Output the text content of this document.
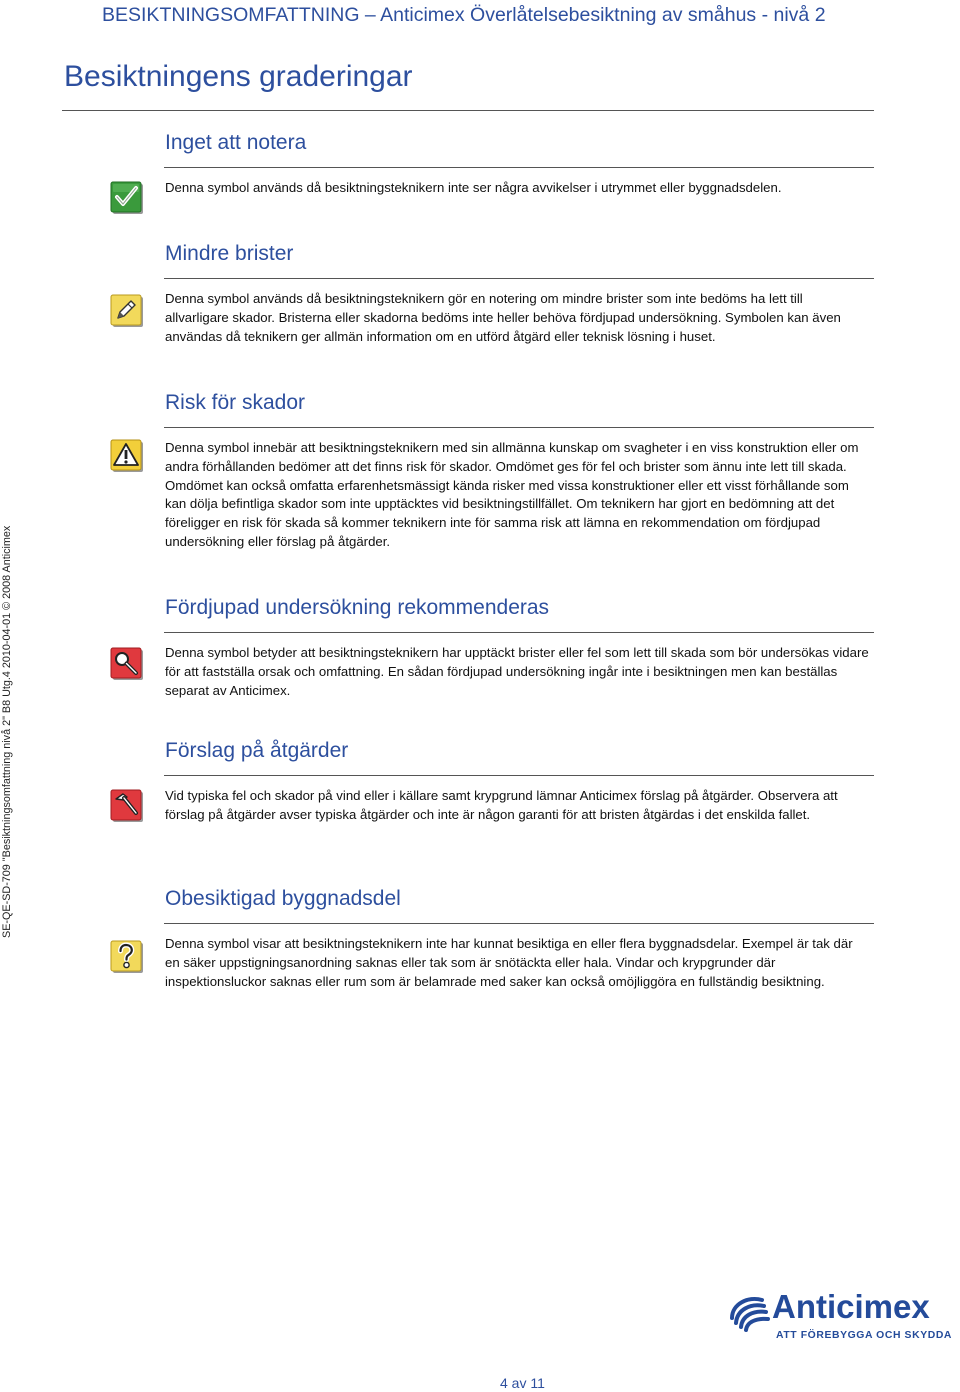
BESIKTNINGSOMFATTNING – Anticimex Överlåtelsebesiktning av småhus - nivå 2
Besiktningens graderingar
Inget att notera

Denna symbol används då besiktningsteknikern inte ser några avvikelser i utrymmet eller byggnadsdelen.

Mindre brister

Denna symbol används då besiktningsteknikern gör en notering om mindre brister som inte bedöms ha lett till allvarligare skador. Bristerna eller skadorna bedöms inte heller behöva fördjupad undersökning. Symbolen kan även användas då teknikern ger allmän information om en utförd åtgärd eller teknisk lösning i huset.

Risk för skador

Denna symbol innebär att besiktningsteknikern med sin allmänna kunskap om svagheter i en viss konstruktion eller om andra förhållanden bedömer att det finns risk för skador. Omdömet ges för fel och brister som ännu inte lett till skada. Omdömet kan också omfatta erfarenhetsmässigt kända risker med vissa konstruktioner eller ett visst förhållande som kan dölja befintliga skador som inte upptäcktes vid besiktningstillfället. Om teknikern har gjort en bedömning att det föreligger en risk för skada så kommer teknikern inte för samma risk att lämna en rekommendation om fördjupad undersökning eller förslag på åtgärder.

Fördjupad undersökning rekommenderas

Denna symbol betyder att besiktningsteknikern har upptäckt brister eller fel som lett till skada som bör undersökas vidare för att fastställa orsak och omfattning. En sådan fördjupad undersökning ingår inte i besiktningen men kan beställas separat av Anticimex.

Förslag på åtgärder

Vid typiska fel och skador på vind eller i källare samt krypgrund lämnar Anticimex förslag på åtgärder. Observera att förslag på åtgärder avser typiska åtgärder och inte är någon garanti för att bristen åtgärdas i det enskilda fallet.

Obesiktigad byggnadsdel

Denna symbol visar att besiktningsteknikern inte har kunnat besiktiga en eller flera byggnadsdelar. Exempel är tak där en säker uppstigningsanordning saknas eller tak som är snötäckta eller hala. Vindar och krypgrunder där inspektionsluckor saknas eller rum som är belamrade med saker kan också omöjliggöra en fullständig besiktning.

SE-QE-SD-709 "Besiktningsomfattning nivå 2" B8 Utg.4 2010-04-01 © 2008 Anticimex
Anticimex
ATT FÖREBYGGA OCH SKYDDA
4 av 11
